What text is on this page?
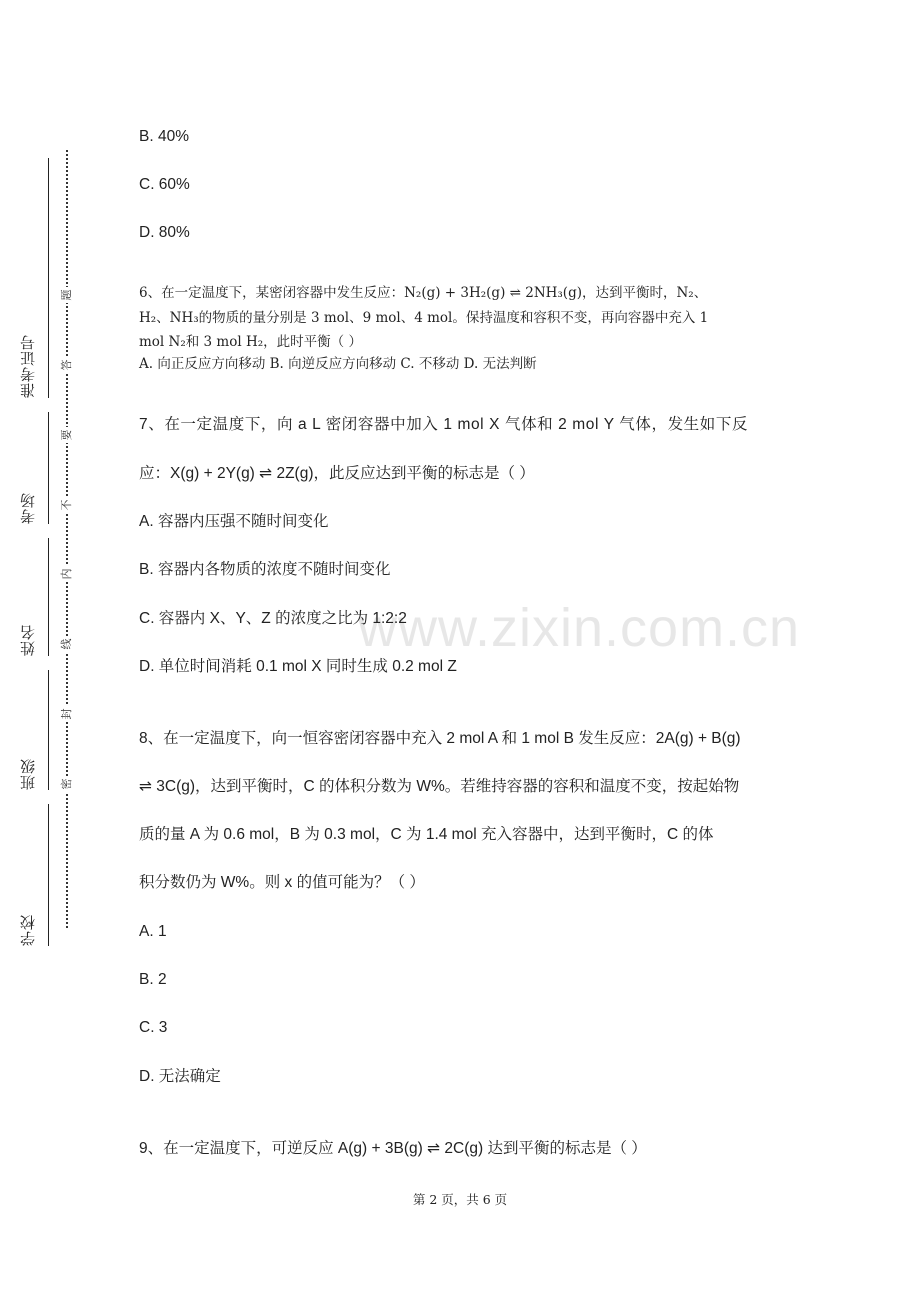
准考证号
考场
姓名
班级
学校
题
答
要
不
内
线
封
密
www.zixin.com.cn
B. 40%
C. 60%
D. 80%
6、在一定温度下，某密闭容器中发生反应：N₂(g) + 3H₂(g) ⇌ 2NH₃(g)，达到平衡时，N₂、
H₂、NH₃的物质的量分别是 3 mol、9 mol、4 mol。保持温度和容积不变，再向容器中充入 1
mol N₂和 3 mol H₂，此时平衡（ ）
A. 向正反应方向移动 B. 向逆反应方向移动 C. 不移动 D. 无法判断
7、在一定温度下，向 a L 密闭容器中加入 1 mol X 气体和 2 mol Y 气体，发生如下反
应：X(g) + 2Y(g) ⇌ 2Z(g)，此反应达到平衡的标志是（ ）
A. 容器内压强不随时间变化
B. 容器内各物质的浓度不随时间变化
C. 容器内 X、Y、Z 的浓度之比为 1:2:2
D. 单位时间消耗 0.1 mol X 同时生成 0.2 mol Z
8、在一定温度下，向一恒容密闭容器中充入 2 mol A 和 1 mol B 发生反应：2A(g) + B(g)
⇌ 3C(g)，达到平衡时，C 的体积分数为 W%。若维持容器的容积和温度不变，按起始物
质的量 A 为 0.6 mol，B 为 0.3 mol，C 为 1.4 mol 充入容器中，达到平衡时，C 的体
积分数仍为 W%。则 x 的值可能为？（ ）
A. 1
B. 2
C. 3
D. 无法确定
9、在一定温度下，可逆反应 A(g) + 3B(g) ⇌ 2C(g) 达到平衡的标志是（ ）
第 2 页，共 6 页
